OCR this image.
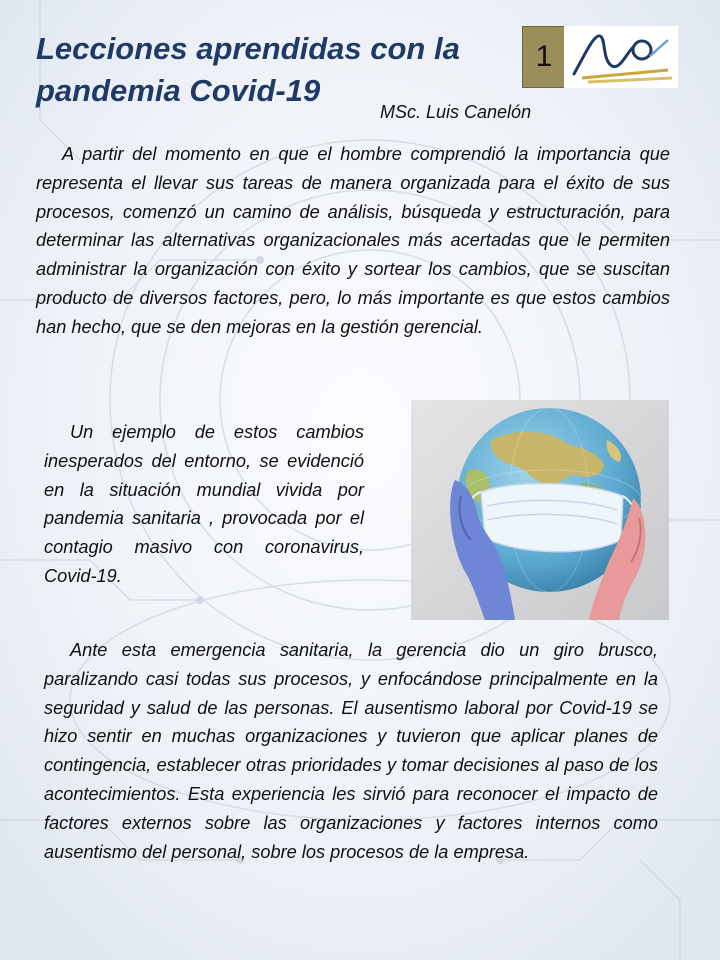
Lecciones aprendidas con la pandemia Covid-19
MSc. Luis Canelón
1

A partir del momento en que el hombre comprendió la importancia que representa el llevar sus tareas de manera organizada para el éxito de sus procesos, comenzó un camino de análisis, búsqueda y estructuración, para determinar las alternativas organizacionales más acertadas que le permiten administrar la organización con éxito y sortear los cambios, que se suscitan producto de diversos factores, pero, lo más importante es que estos cambios han hecho, que se den mejoras en la gestión gerencial.

Un ejemplo de estos cambios inesperados del entorno, se evidenció en la situación mundial vivida por pandemia sanitaria , provocada por el contagio masivo con coronavirus, Covid-19.

Ante esta emergencia sanitaria, la gerencia dio un giro brusco, paralizando casi todas sus procesos, y enfocándose principalmente en la seguridad y salud de las personas. El ausentismo laboral por Covid-19 se hizo sentir en muchas organizaciones y tuvieron que aplicar planes de contingencia, establecer otras prioridades y tomar decisiones al paso de los acontecimientos. Esta experiencia les sirvió para reconocer el impacto de factores externos sobre las organizaciones y factores internos como ausentismo del personal, sobre los procesos de la empresa.
